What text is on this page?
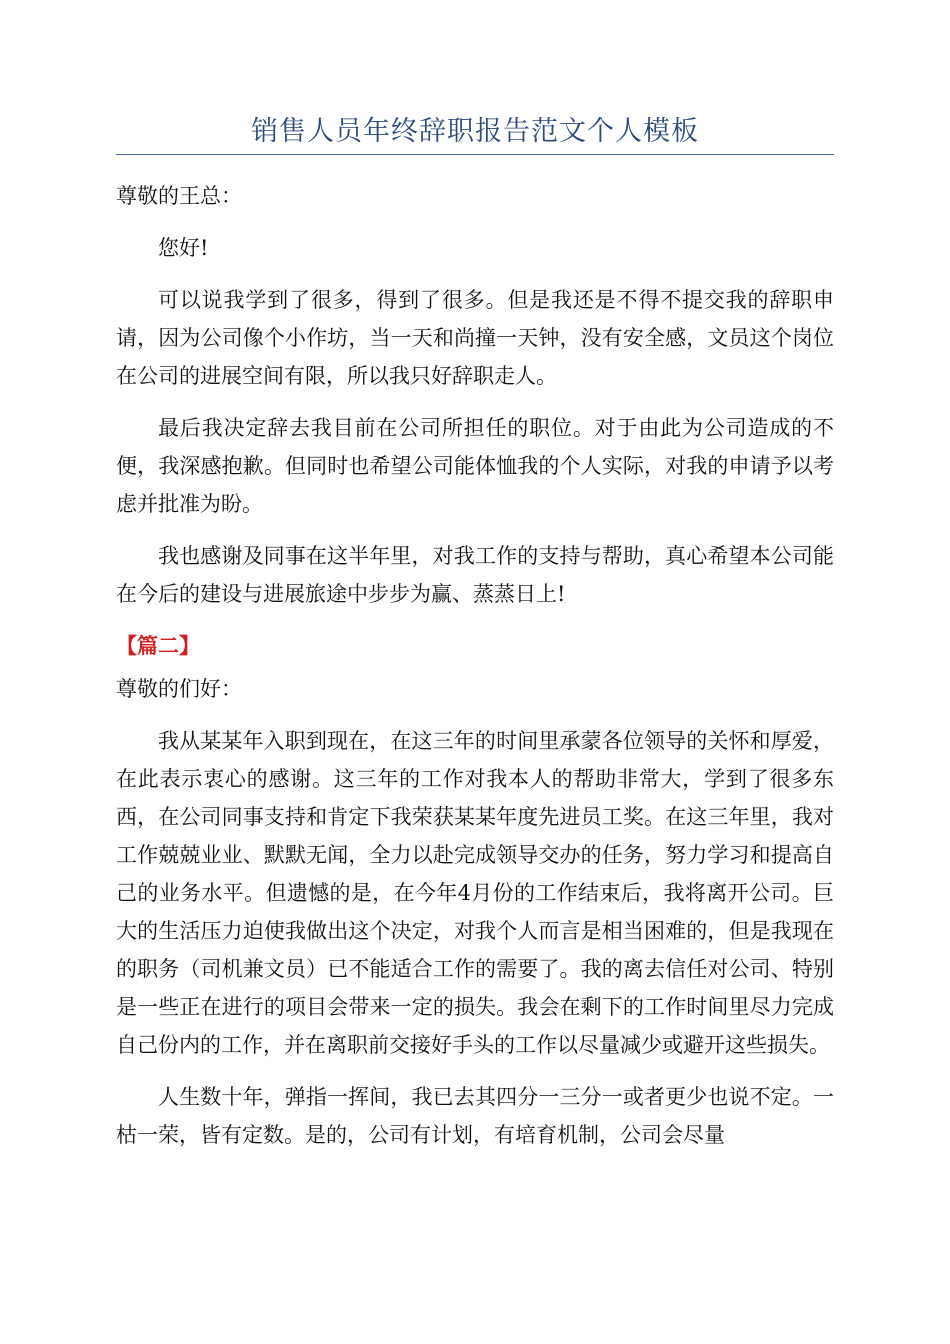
销售人员年终辞职报告范文个人模板

尊敬的王总：

您好!

可以说我学到了很多，得到了很多。但是我还是不得不提交我的辞职申请，因为公司像个小作坊，当一天和尚撞一天钟，没有安全感，文员这个岗位在公司的进展空间有限，所以我只好辞职走人。

最后我决定辞去我目前在公司所担任的职位。对于由此为公司造成的不便，我深感抱歉。但同时也希望公司能体恤我的个人实际，对我的申请予以考虑并批准为盼。

我也感谢及同事在这半年里，对我工作的支持与帮助，真心希望本公司能在今后的建设与进展旅途中步步为赢、蒸蒸日上!

【篇二】

尊敬的们好：

我从某某年入职到现在，在这三年的时间里承蒙各位领导的关怀和厚爱，在此表示衷心的感谢。这三年的工作对我本人的帮助非常大，学到了很多东西，在公司同事支持和肯定下我荣获某某年度先进员工奖。在这三年里，我对工作兢兢业业、默默无闻，全力以赴完成领导交办的任务，努力学习和提高自己的业务水平。但遗憾的是，在今年4月份的工作结束后，我将离开公司。巨大的生活压力迫使我做出这个决定，对我个人而言是相当困难的，但是我现在的职务（司机兼文员）已不能适合工作的需要了。我的离去信任对公司、特别是一些正在进行的项目会带来一定的损失。我会在剩下的工作时间里尽力完成自己份内的工作，并在离职前交接好手头的工作以尽量减少或避开这些损失。

人生数十年，弹指一挥间，我已去其四分一三分一或者更少也说不定。一枯一荣，皆有定数。是的，公司有计划，有培育机制，公司会尽量
